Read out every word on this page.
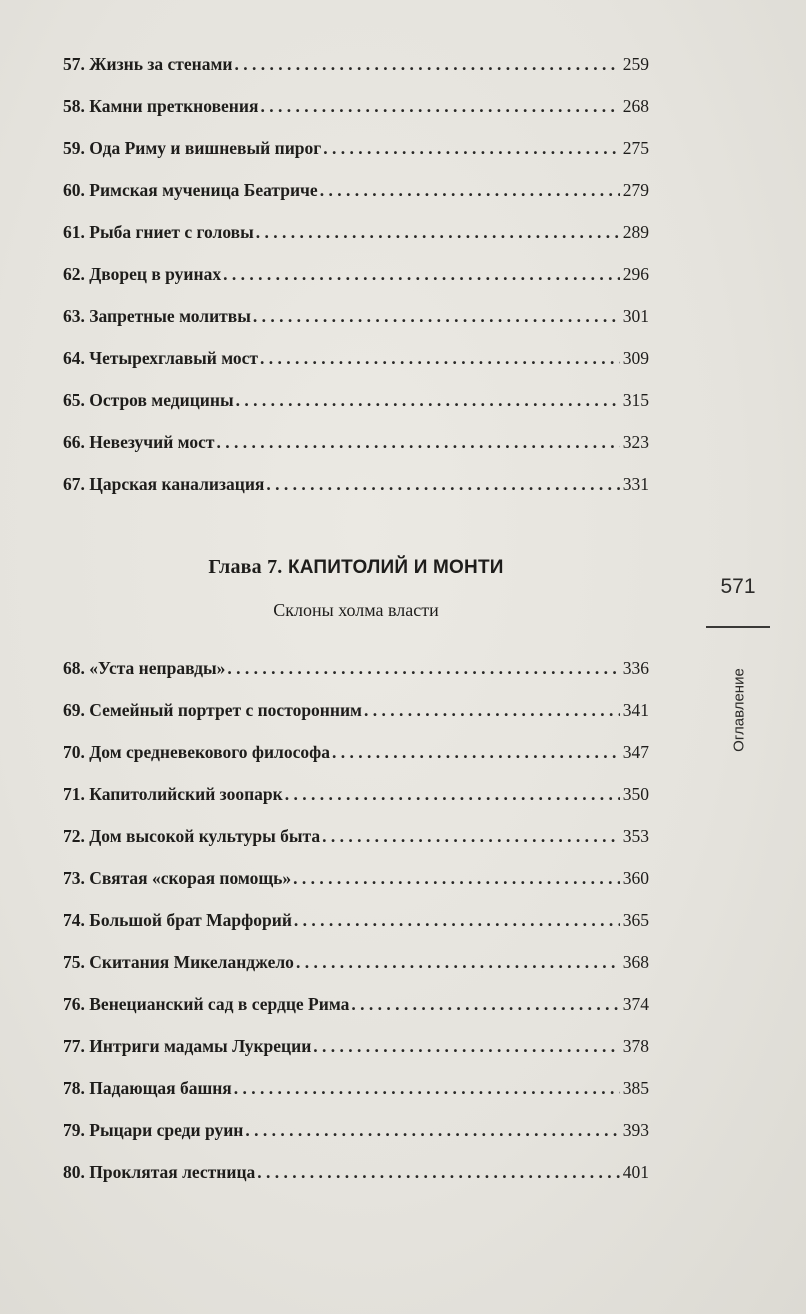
57. Жизнь за стенами . . .	259
58. Камни преткновения . . .	268
59. Ода Риму и вишневый пирог . . .	275
60. Римская мученица Беатриче . . .	279
61. Рыба гниет с головы . . .	289
62. Дворец в руинах . . .	296
63. Запретные молитвы . . .	301
64. Четырехглавый мост . . .	309
65. Остров медицины . . .	315
66. Невезучий мост . . .	323
67. Царская канализация . . .	331
Глава 7. КАПИТОЛИЙ И МОНТИ
Склоны холма власти
68. «Уста неправды» . . .	336
69. Семейный портрет с посторонним . . .	341
70. Дом средневекового философа . . .	347
71. Капитолийский зоопарк . . .	350
72. Дом высокой культуры быта . . .	353
73. Святая «скорая помощь» . . .	360
74. Большой брат Марфорий . . .	365
75. Скитания Микеланджело . . .	368
76. Венецианский сад в сердце Рима . . .	374
77. Интриги мадамы Лукреции . . .	378
78. Падающая башня . . .	385
79. Рыцари среди руин . . .	393
80. Проклятая лестница . . .	401
571
Оглавление
